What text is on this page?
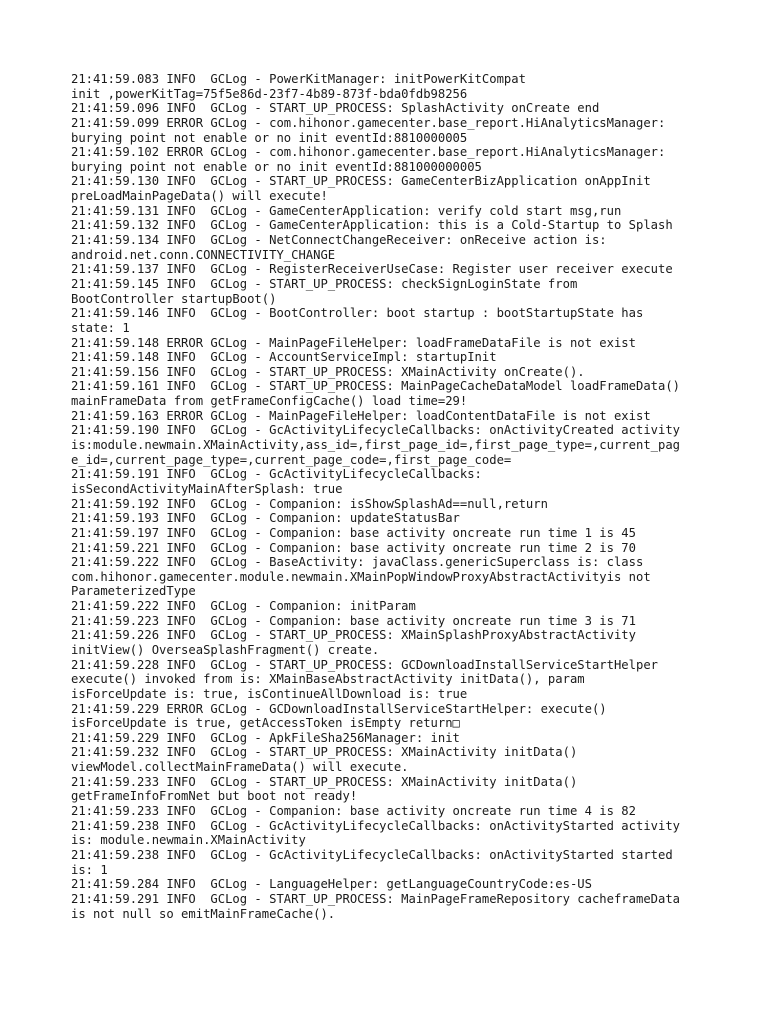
21:41:59.083 INFO  GCLog - PowerKitManager: initPowerKitCompat
init ,powerKitTag=75f5e86d-23f7-4b89-873f-bda0fdb98256
21:41:59.096 INFO  GCLog - START_UP_PROCESS: SplashActivity onCreate end
21:41:59.099 ERROR GCLog - com.hihonor.gamecenter.base_report.HiAnalyticsManager:
burying point not enable or no init eventId:8810000005
21:41:59.102 ERROR GCLog - com.hihonor.gamecenter.base_report.HiAnalyticsManager:
burying point not enable or no init eventId:881000000005
21:41:59.130 INFO  GCLog - START_UP_PROCESS: GameCenterBizApplication onAppInit
preLoadMainPageData() will execute!
21:41:59.131 INFO  GCLog - GameCenterApplication: verify cold start msg,run
21:41:59.132 INFO  GCLog - GameCenterApplication: this is a Cold-Startup to Splash
21:41:59.134 INFO  GCLog - NetConnectChangeReceiver: onReceive action is:
android.net.conn.CONNECTIVITY_CHANGE
21:41:59.137 INFO  GCLog - RegisterReceiverUseCase: Register user receiver execute
21:41:59.145 INFO  GCLog - START_UP_PROCESS: checkSignLoginState from
BootController startupBoot()
21:41:59.146 INFO  GCLog - BootController: boot startup : bootStartupState has
state: 1
21:41:59.148 ERROR GCLog - MainPageFileHelper: loadFrameDataFile is not exist
21:41:59.148 INFO  GCLog - AccountServiceImpl: startupInit
21:41:59.156 INFO  GCLog - START_UP_PROCESS: XMainActivity onCreate().
21:41:59.161 INFO  GCLog - START_UP_PROCESS: MainPageCacheDataModel loadFrameData()
mainFrameData from getFrameConfigCache() load time=29!
21:41:59.163 ERROR GCLog - MainPageFileHelper: loadContentDataFile is not exist
21:41:59.190 INFO  GCLog - GcActivityLifecycleCallbacks: onActivityCreated activity
is:module.newmain.XMainActivity,ass_id=,first_page_id=,first_page_type=,current_pag
e_id=,current_page_type=,current_page_code=,first_page_code=
21:41:59.191 INFO  GCLog - GcActivityLifecycleCallbacks:
isSecondActivityMainAfterSplash: true
21:41:59.192 INFO  GCLog - Companion: isShowSplashAd==null,return
21:41:59.193 INFO  GCLog - Companion: updateStatusBar
21:41:59.197 INFO  GCLog - Companion: base activity oncreate run time 1 is 45
21:41:59.221 INFO  GCLog - Companion: base activity oncreate run time 2 is 70
21:41:59.222 INFO  GCLog - BaseActivity: javaClass.genericSuperclass is: class
com.hihonor.gamecenter.module.newmain.XMainPopWindowProxyAbstractActivityis not
ParameterizedType
21:41:59.222 INFO  GCLog - Companion: initParam
21:41:59.223 INFO  GCLog - Companion: base activity oncreate run time 3 is 71
21:41:59.226 INFO  GCLog - START_UP_PROCESS: XMainSplashProxyAbstractActivity
initView() OverseaSplashFragment() create.
21:41:59.228 INFO  GCLog - START_UP_PROCESS: GCDownloadInstallServiceStartHelper
execute() invoked from is: XMainBaseAbstractActivity initData(), param
isForceUpdate is: true, isContinueAllDownload is: true
21:41:59.229 ERROR GCLog - GCDownloadInstallServiceStartHelper: execute()
isForceUpdate is true, getAccessToken isEmpty return□
21:41:59.229 INFO  GCLog - ApkFileSha256Manager: init
21:41:59.232 INFO  GCLog - START_UP_PROCESS: XMainActivity initData()
viewModel.collectMainFrameData() will execute.
21:41:59.233 INFO  GCLog - START_UP_PROCESS: XMainActivity initData()
getFrameInfoFromNet but boot not ready!
21:41:59.233 INFO  GCLog - Companion: base activity oncreate run time 4 is 82
21:41:59.238 INFO  GCLog - GcActivityLifecycleCallbacks: onActivityStarted activity
is: module.newmain.XMainActivity
21:41:59.238 INFO  GCLog - GcActivityLifecycleCallbacks: onActivityStarted started
is: 1
21:41:59.284 INFO  GCLog - LanguageHelper: getLanguageCountryCode:es-US
21:41:59.291 INFO  GCLog - START_UP_PROCESS: MainPageFrameRepository cacheframeData
is not null so emitMainFrameCache().
